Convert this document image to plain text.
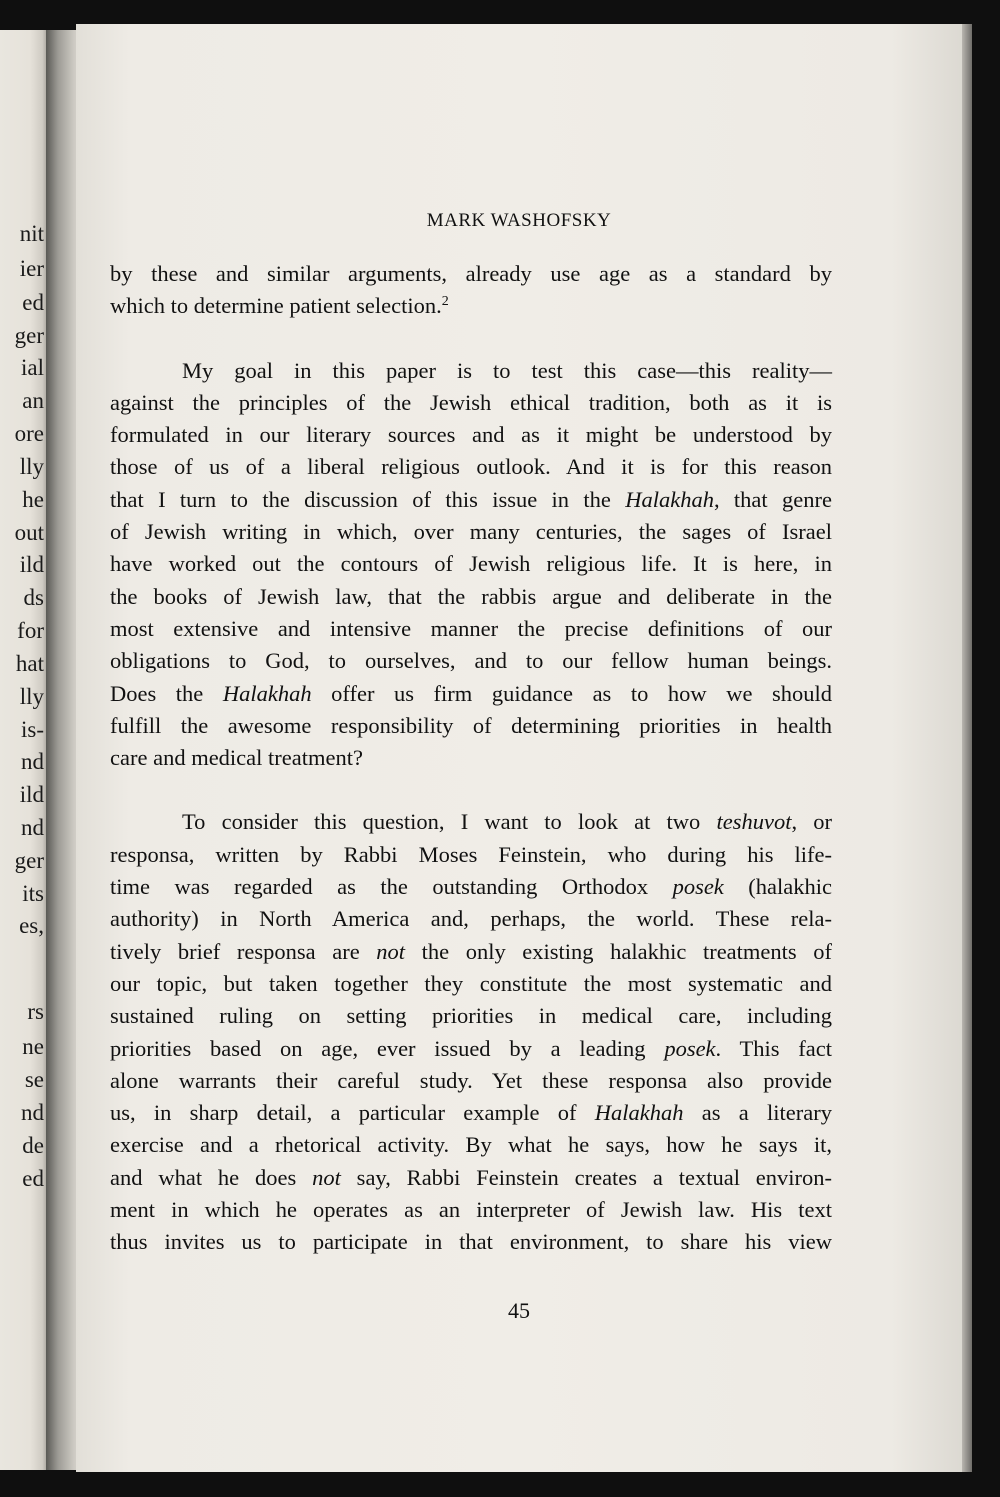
nit
ier
ed
ger
ial
an
ore
lly
he
out
ild
ds
for
hat
lly
is-
nd
ild
nd
ger
its
es,
rs
ne
se
nd
de
ed
MARK WASHOFSKY
by these and similar arguments, already use age as a standard by
which to determine patient selection.$^2$
My goal in this paper is to test this case—this reality—
against the principles of the Jewish ethical tradition, both as it is
formulated in our literary sources and as it might be understood by
those of us of a liberal religious outlook. And it is for this reason
that I turn to the discussion of this issue in the Halakhah, that genre
of Jewish writing in which, over many centuries, the sages of Israel
have worked out the contours of Jewish religious life. It is here, in
the books of Jewish law, that the rabbis argue and deliberate in the
most extensive and intensive manner the precise definitions of our
obligations to God, to ourselves, and to our fellow human beings.
Does the Halakhah offer us firm guidance as to how we should
fulfill the awesome responsibility of determining priorities in health
care and medical treatment?
To consider this question, I want to look at two teshuvot, or
responsa, written by Rabbi Moses Feinstein, who during his life-
time was regarded as the outstanding Orthodox posek (halakhic
authority) in North America and, perhaps, the world. These rela-
tively brief responsa are not the only existing halakhic treatments of
our topic, but taken together they constitute the most systematic and
sustained ruling on setting priorities in medical care, including
priorities based on age, ever issued by a leading posek. This fact
alone warrants their careful study. Yet these responsa also provide
us, in sharp detail, a particular example of Halakhah as a literary
exercise and a rhetorical activity. By what he says, how he says it,
and what he does not say, Rabbi Feinstein creates a textual environ-
ment in which he operates as an interpreter of Jewish law. His text
thus invites us to participate in that environment, to share his view
45
